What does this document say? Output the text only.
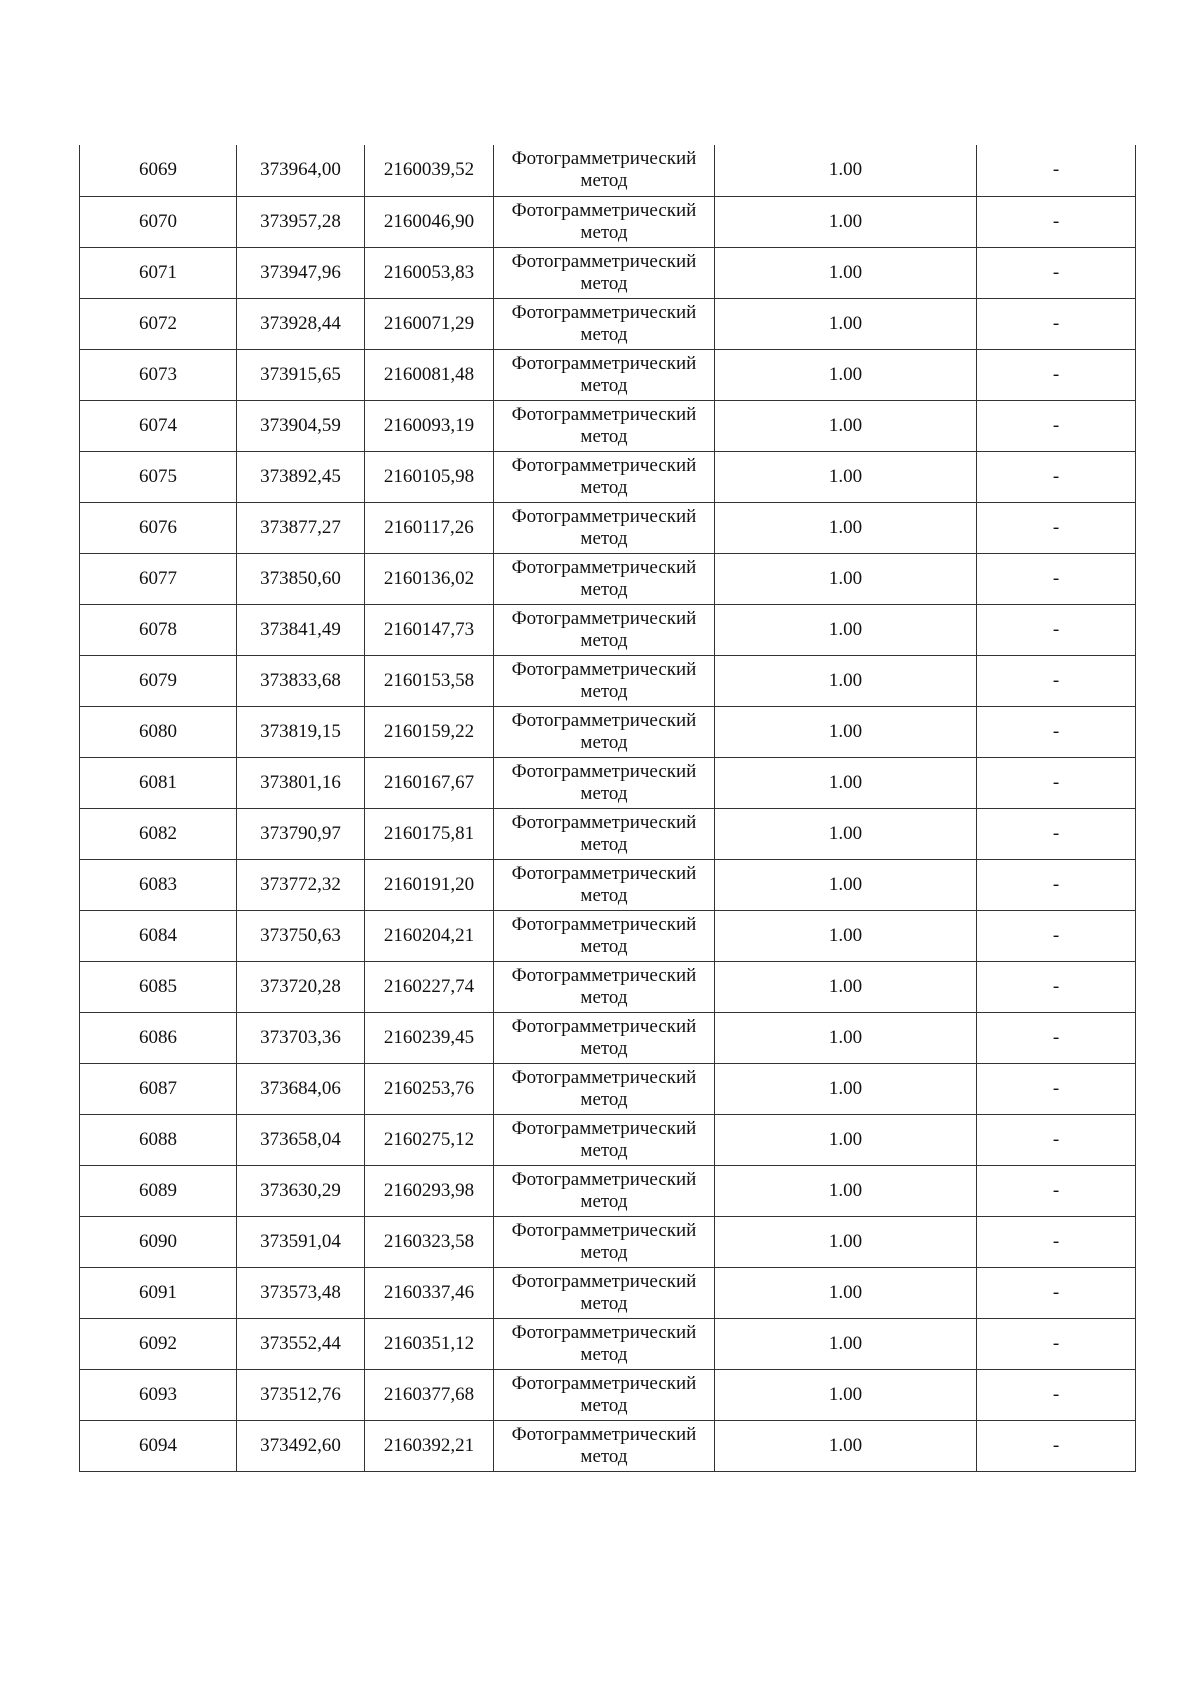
6069	373964,00	2160039,52	Фотограмметрический метод	1.00	-
6070	373957,28	2160046,90	Фотограмметрический метод	1.00	-
6071	373947,96	2160053,83	Фотограмметрический метод	1.00	-
6072	373928,44	2160071,29	Фотограмметрический метод	1.00	-
6073	373915,65	2160081,48	Фотограмметрический метод	1.00	-
6074	373904,59	2160093,19	Фотограмметрический метод	1.00	-
6075	373892,45	2160105,98	Фотограмметрический метод	1.00	-
6076	373877,27	2160117,26	Фотограмметрический метод	1.00	-
6077	373850,60	2160136,02	Фотограмметрический метод	1.00	-
6078	373841,49	2160147,73	Фотограмметрический метод	1.00	-
6079	373833,68	2160153,58	Фотограмметрический метод	1.00	-
6080	373819,15	2160159,22	Фотограмметрический метод	1.00	-
6081	373801,16	2160167,67	Фотограмметрический метод	1.00	-
6082	373790,97	2160175,81	Фотограмметрический метод	1.00	-
6083	373772,32	2160191,20	Фотограмметрический метод	1.00	-
6084	373750,63	2160204,21	Фотограмметрический метод	1.00	-
6085	373720,28	2160227,74	Фотограмметрический метод	1.00	-
6086	373703,36	2160239,45	Фотограмметрический метод	1.00	-
6087	373684,06	2160253,76	Фотограмметрический метод	1.00	-
6088	373658,04	2160275,12	Фотограмметрический метод	1.00	-
6089	373630,29	2160293,98	Фотограмметрический метод	1.00	-
6090	373591,04	2160323,58	Фотограмметрический метод	1.00	-
6091	373573,48	2160337,46	Фотограмметрический метод	1.00	-
6092	373552,44	2160351,12	Фотограмметрический метод	1.00	-
6093	373512,76	2160377,68	Фотограмметрический метод	1.00	-
6094	373492,60	2160392,21	Фотограмметрический метод	1.00	-
